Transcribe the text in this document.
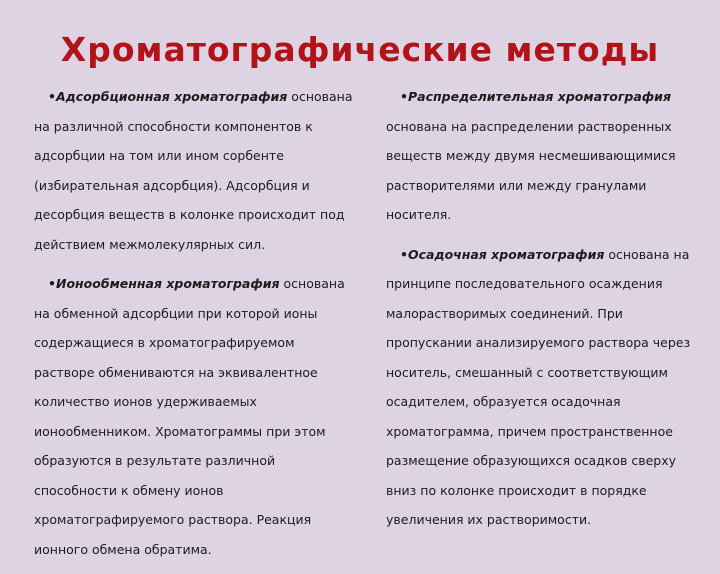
Хроматографические методы

•Адсорбционная хроматография основана на различной способности компонентов к адсорбции на том или ином сорбенте (избирательная адсорбция). Адсорбция и десорбция веществ в колонке происходит под действием межмолекулярных сил.

•Ионообменная хроматография основана на обменной адсорбции при которой ионы содержащиеся в хроматографируемом растворе обмениваются на эквивалентное количество ионов удерживаемых ионообменником. Хроматограммы при этом образуются в результате различной способности к обмену ионов хроматографируемого раствора. Реакция ионного обмена обратима.

•Распределительная хроматография основана на распределении растворенных веществ между двумя несмешивающимися растворителями или между гранулами носителя.

•Осадочная хроматография основана на принципе последовательного осаждения малорастворимых соединений. При пропускании анализируемого раствора через носитель, смешанный с соответствующим осадителем, образуется осадочная хроматограмма, причем пространственное размещение образующихся осадков сверху вниз по колонке происходит в порядке увеличения их растворимости.
